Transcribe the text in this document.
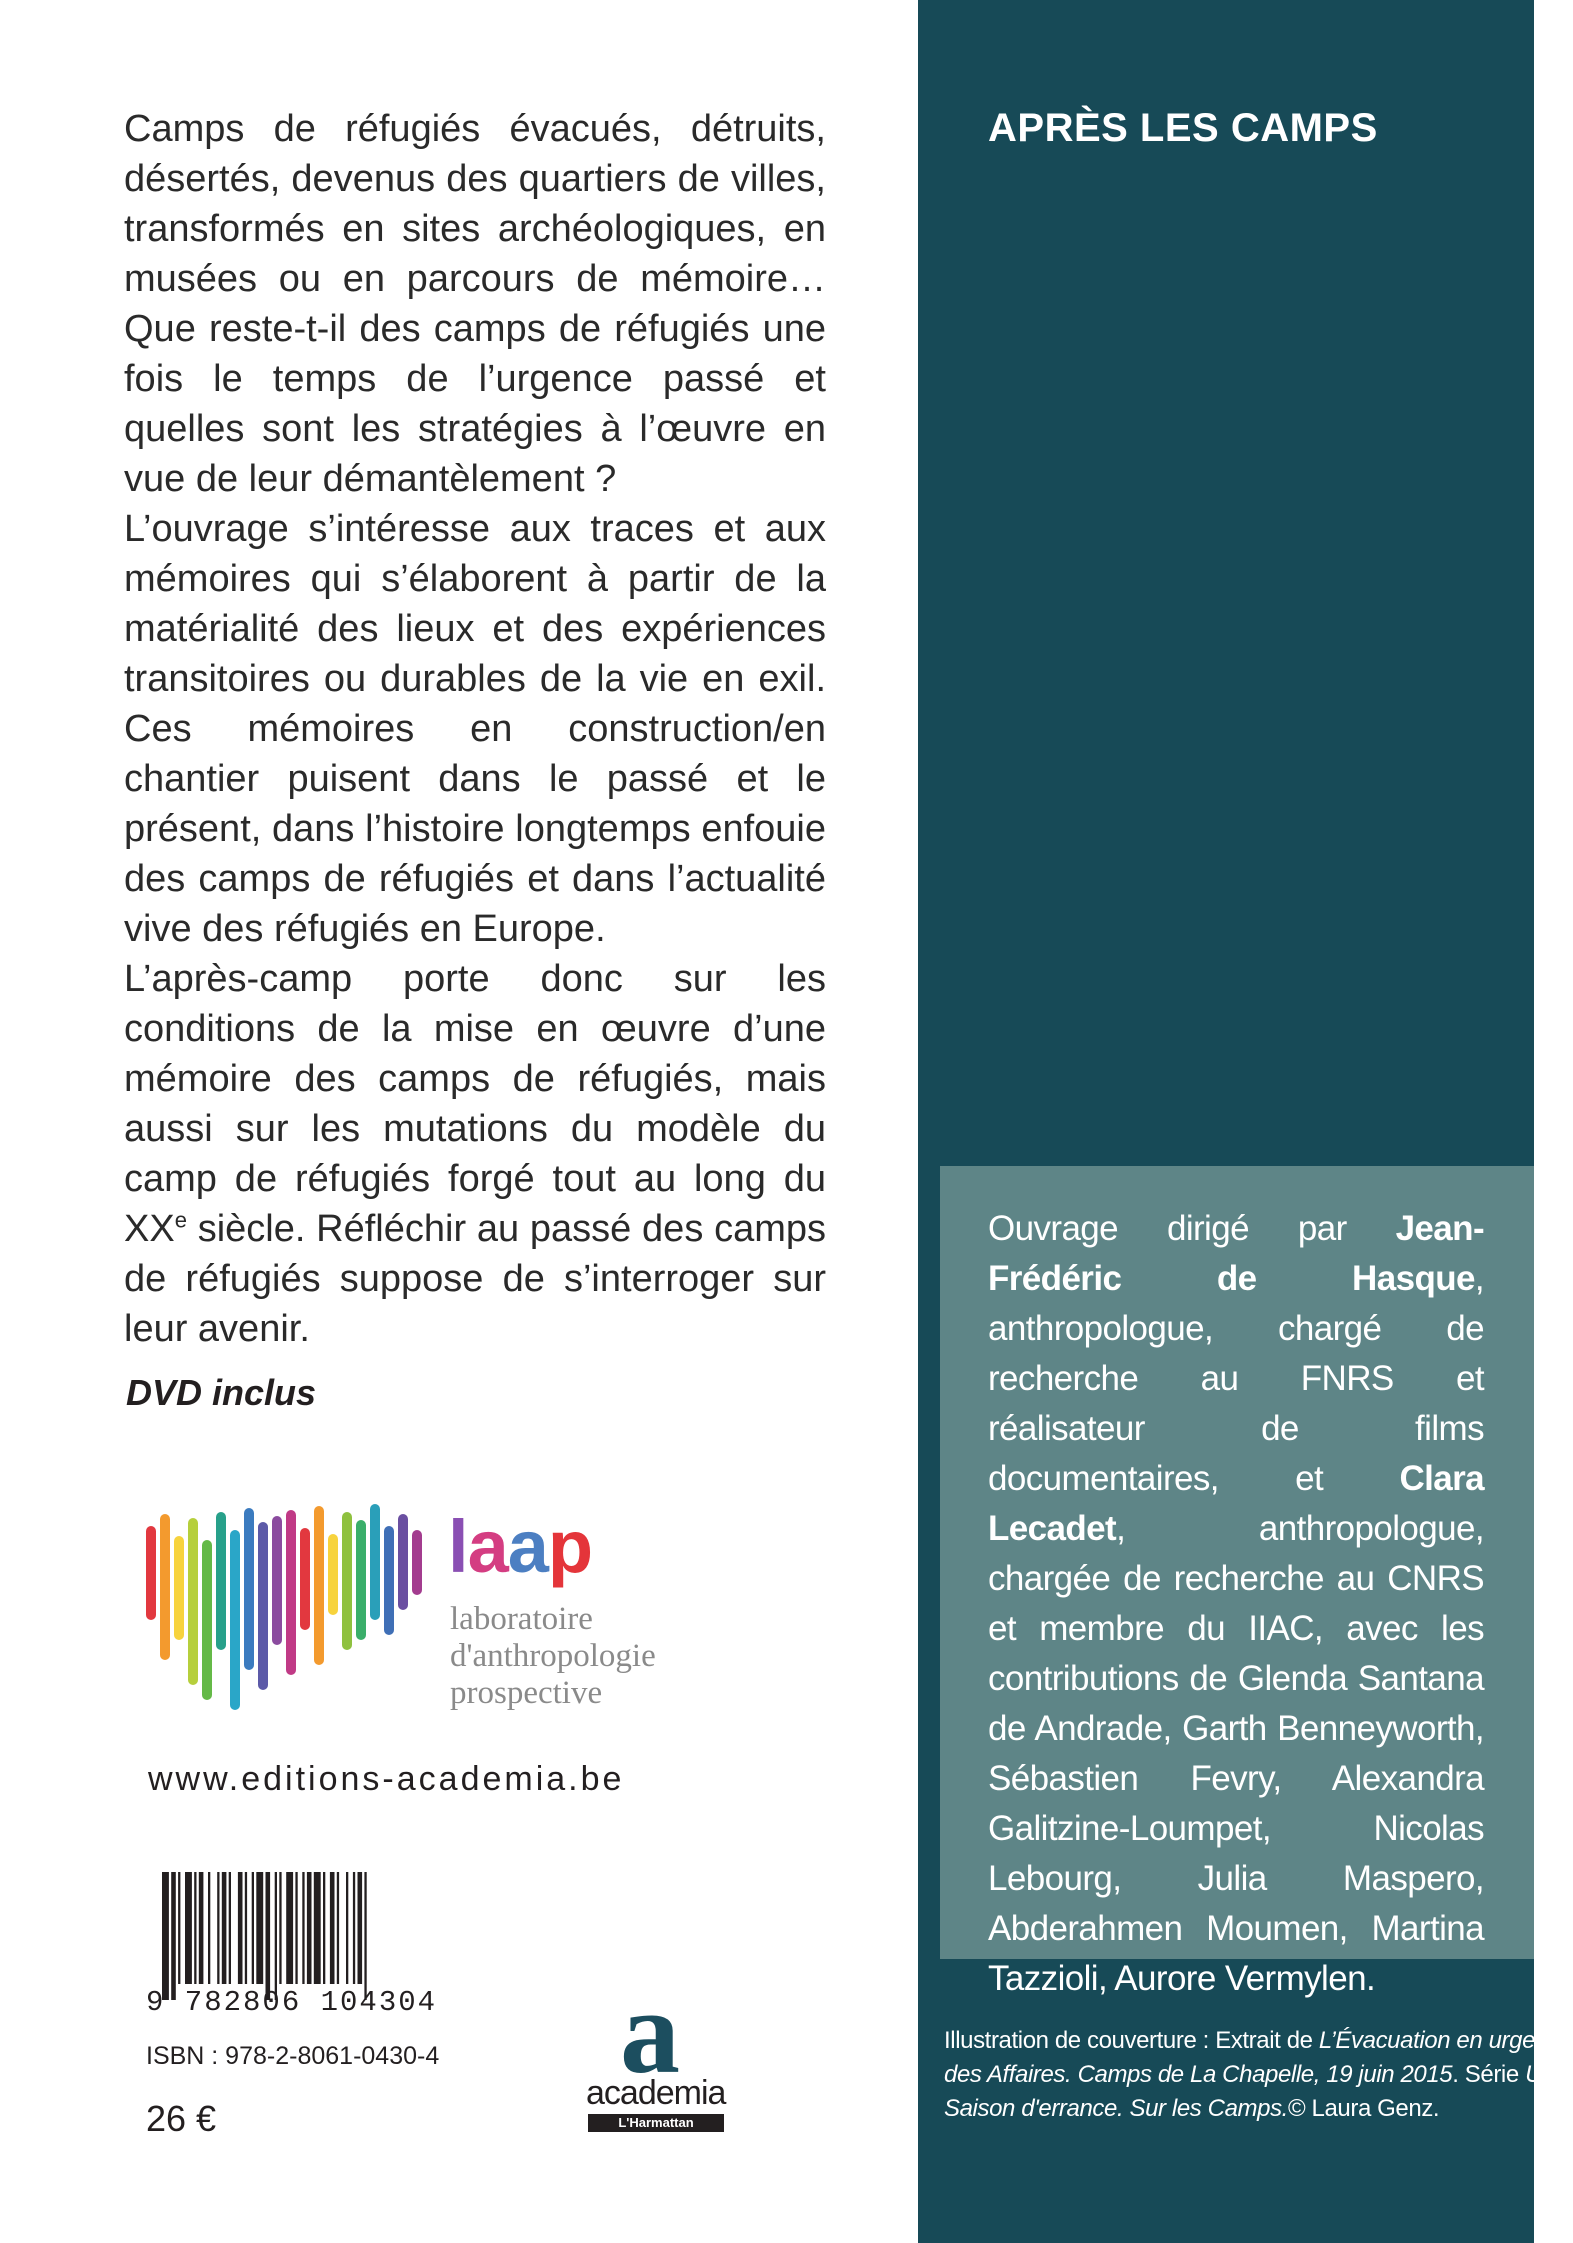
Camps de réfugiés évacués, détruits, désertés, devenus des quartiers de villes, transformés en sites archéologiques, en musées ou en parcours de mémoire… Que reste-t-il des camps de réfugiés une fois le temps de l’urgence passé et quelles sont les stratégies à l’œuvre en vue de leur démantèlement ?

L’ouvrage s’intéresse aux traces et aux mémoires qui s’élaborent à partir de la matérialité des lieux et des expériences transitoires ou durables de la vie en exil. Ces mémoires en construction/en chantier puisent dans le passé et le présent, dans l’histoire longtemps enfouie des camps de réfugiés et dans l’actualité vive des réfugiés en Europe.

L’après-camp porte donc sur les conditions de la mise en œuvre d’une mémoire des camps de réfugiés, mais aussi sur les mutations du modèle du camp de réfugiés forgé tout au long du XXe siècle. Réfléchir au passé des camps de réfugiés suppose de s’interroger sur leur avenir.

DVD inclus
laap
laboratoire
d'anthropologie
prospective
www.editions-academia.be
9 782806 104304
ISBN : 978-2-8061-0430-4
26 €
a
academia
L'Harmattan
APRÈS LES CAMPS
Ouvrage dirigé par Jean-Frédéric de Hasque, anthropologue, chargé de recherche au FNRS et réalisateur de films documentaires, et Clara Lecadet, anthropologue, chargée de recherche au CNRS et membre du IIAC, avec les contributions de Glenda Santana de Andrade, Garth Benneyworth, Sébastien Fevry, Alexandra Galitzine-Loumpet, Nicolas Lebourg, Julia Maspero, Abderahmen Moumen, Martina Tazzioli, Aurore Vermylen.
Illustration de couverture : Extrait de L’Évacuation en urgence
des Affaires. Camps de La Chapelle, 19 juin 2015. Série Une
Saison d'errance. Sur les Camps.© Laura Genz.
